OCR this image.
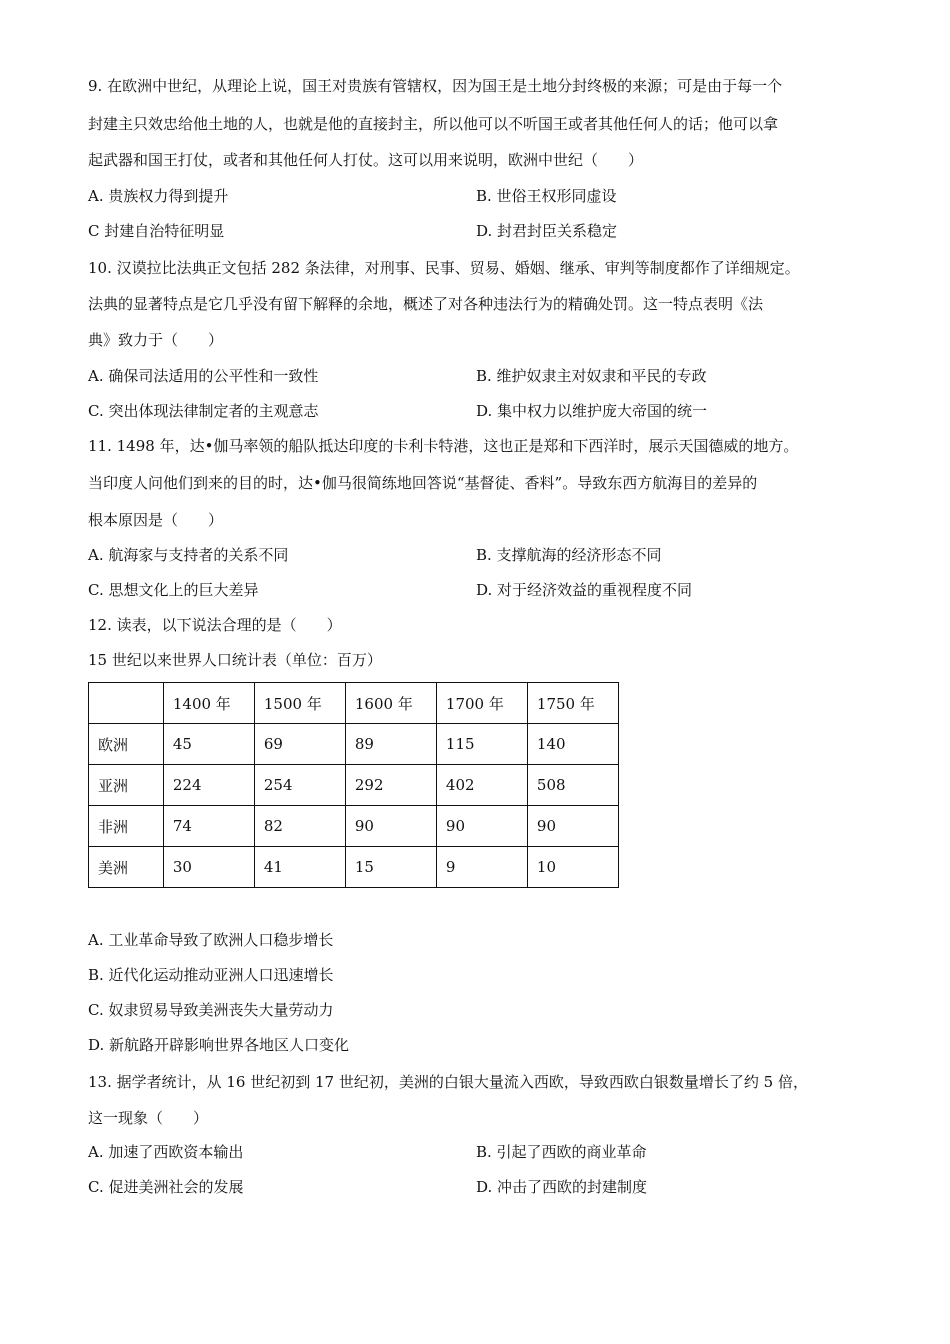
9. 在欧洲中世纪，从理论上说，国王对贵族有管辖权，因为国王是土地分封终极的来源；可是由于每一个
封建主只效忠给他土地的人，也就是他的直接封主，所以他可以不听国王或者其他任何人的话；他可以拿
起武器和国王打仗，或者和其他任何人打仗。这可以用来说明，欧洲中世纪（　　）
A. 贵族权力得到提升	B. 世俗王权形同虚设
C 封建自治特征明显	D. 封君封臣关系稳定
10. 汉谟拉比法典正文包括 282 条法律，对刑事、民事、贸易、婚姻、继承、审判等制度都作了详细规定。
法典的显著特点是它几乎没有留下解释的余地，概述了对各种违法行为的精确处罚。这一特点表明《法
典》致力于（　　）
A. 确保司法适用的公平性和一致性	B. 维护奴隶主对奴隶和平民的专政
C. 突出体现法律制定者的主观意志	D. 集中权力以维护庞大帝国的统一
11. 1498 年，达•伽马率领的船队抵达印度的卡利卡特港，这也正是郑和下西洋时，展示天国德威的地方。
当印度人问他们到来的目的时，达•伽马很简练地回答说“基督徒、香料”。导致东西方航海目的差异的
根本原因是（　　）
A. 航海家与支持者的关系不同	B. 支撑航海的经济形态不同
C. 思想文化上的巨大差异	D. 对于经济效益的重视程度不同
12. 读表，以下说法合理的是（　　）
15 世纪以来世界人口统计表（单位：百万）
	1400 年	1500 年	1600 年	1700 年	1750 年
欧洲	45	69	89	115	140
亚洲	224	254	292	402	508
非洲	74	82	90	90	90
美洲	30	41	15	9	10
A. 工业革命导致了欧洲人口稳步增长
B. 近代化运动推动亚洲人口迅速增长
C. 奴隶贸易导致美洲丧失大量劳动力
D. 新航路开辟影响世界各地区人口变化
13. 据学者统计，从 16 世纪初到 17 世纪初，美洲的白银大量流入西欧，导致西欧白银数量增长了约 5 倍，
这一现象（　　）
A. 加速了西欧资本输出	B. 引起了西欧的商业革命
C. 促进美洲社会的发展	D. 冲击了西欧的封建制度
